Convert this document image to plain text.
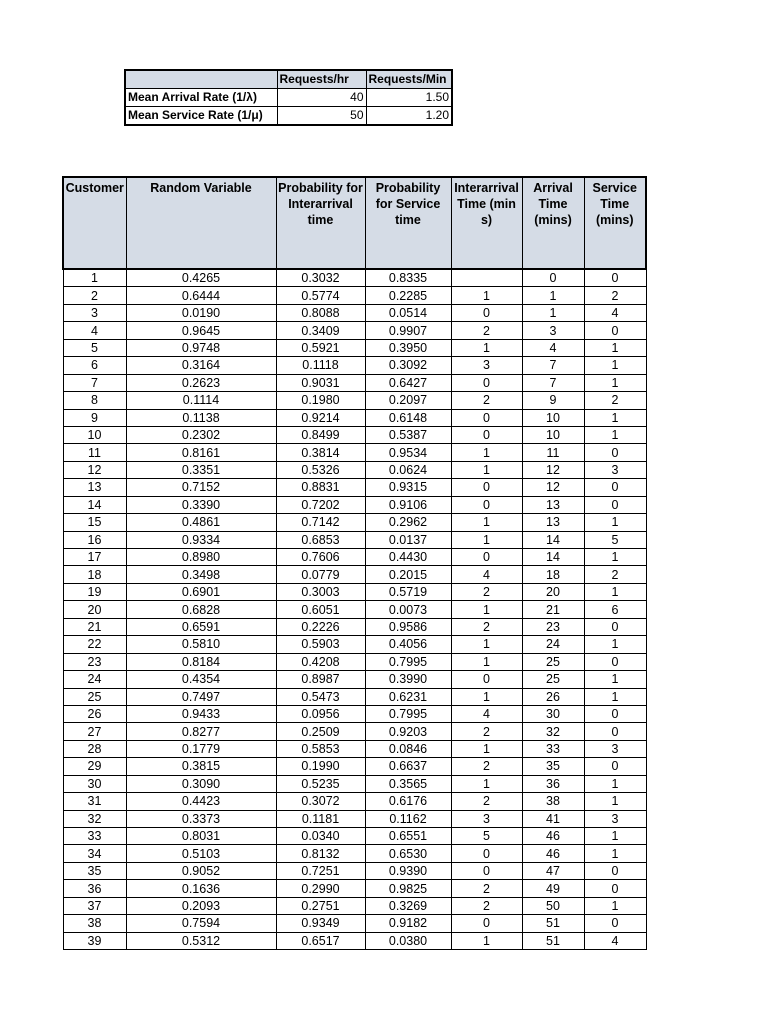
	Requests/hr	Requests/Min
Mean Arrival Rate (1/λ)	40	1.50
Mean Service Rate (1/μ)	50	1.20
Customer	Random Variable	Probability for Interarrival time	Probability for Service time	Interarrival Time (mins)	Arrival Time (mins)	Service Time (mins)
1	0.4265	0.3032	0.8335		0	0
2	0.6444	0.5774	0.2285	1	1	2
3	0.0190	0.8088	0.0514	0	1	4
4	0.9645	0.3409	0.9907	2	3	0
5	0.9748	0.5921	0.3950	1	4	1
6	0.3164	0.1118	0.3092	3	7	1
7	0.2623	0.9031	0.6427	0	7	1
8	0.1114	0.1980	0.2097	2	9	2
9	0.1138	0.9214	0.6148	0	10	1
10	0.2302	0.8499	0.5387	0	10	1
11	0.8161	0.3814	0.9534	1	11	0
12	0.3351	0.5326	0.0624	1	12	3
13	0.7152	0.8831	0.9315	0	12	0
14	0.3390	0.7202	0.9106	0	13	0
15	0.4861	0.7142	0.2962	1	13	1
16	0.9334	0.6853	0.0137	1	14	5
17	0.8980	0.7606	0.4430	0	14	1
18	0.3498	0.0779	0.2015	4	18	2
19	0.6901	0.3003	0.5719	2	20	1
20	0.6828	0.6051	0.0073	1	21	6
21	0.6591	0.2226	0.9586	2	23	0
22	0.5810	0.5903	0.4056	1	24	1
23	0.8184	0.4208	0.7995	1	25	0
24	0.4354	0.8987	0.3990	0	25	1
25	0.7497	0.5473	0.6231	1	26	1
26	0.9433	0.0956	0.7995	4	30	0
27	0.8277	0.2509	0.9203	2	32	0
28	0.1779	0.5853	0.0846	1	33	3
29	0.3815	0.1990	0.6637	2	35	0
30	0.3090	0.5235	0.3565	1	36	1
31	0.4423	0.3072	0.6176	2	38	1
32	0.3373	0.1181	0.1162	3	41	3
33	0.8031	0.0340	0.6551	5	46	1
34	0.5103	0.8132	0.6530	0	46	1
35	0.9052	0.7251	0.9390	0	47	0
36	0.1636	0.2990	0.9825	2	49	0
37	0.2093	0.2751	0.3269	2	50	1
38	0.7594	0.9349	0.9182	0	51	0
39	0.5312	0.6517	0.0380	1	51	4
